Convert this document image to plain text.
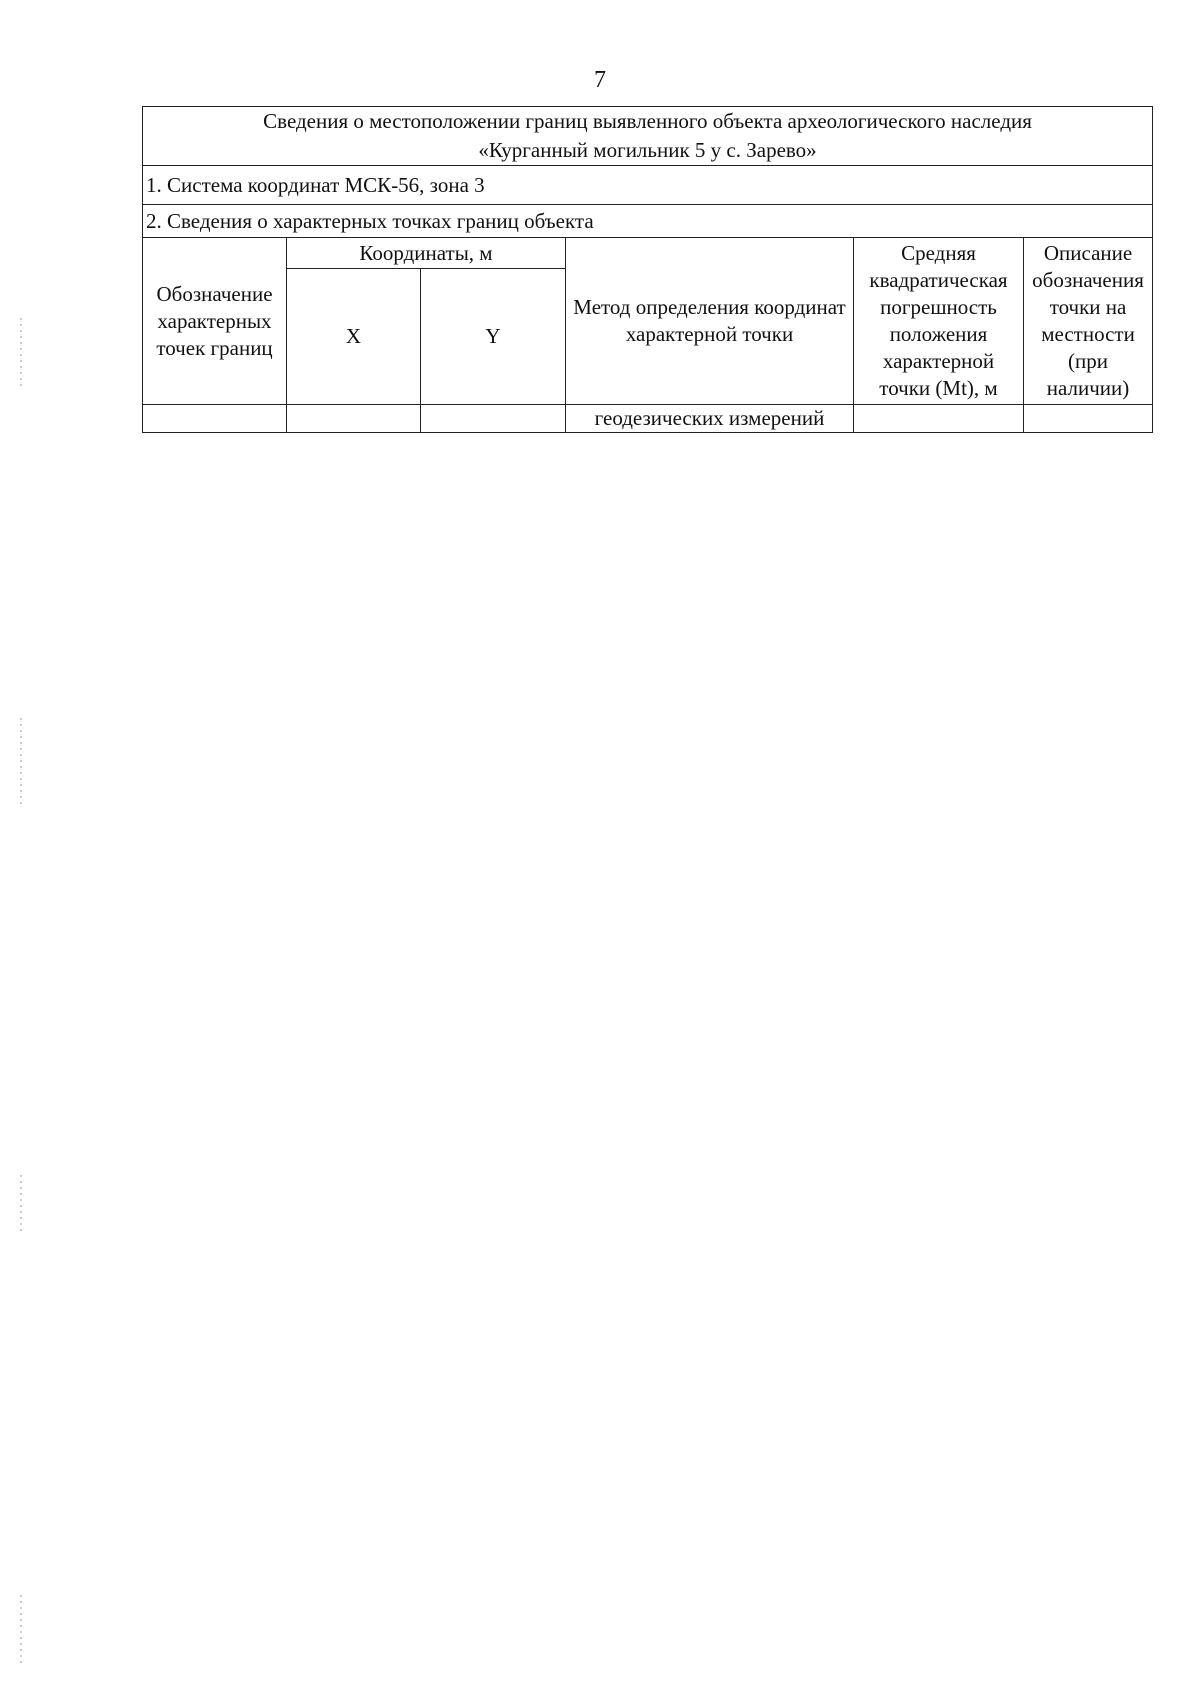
7
Сведения о местоположении границ выявленного объекта археологического наследия
«Курганный могильник 5 у с. Зарево»					

1. Система координат МСК-56, зона 3					
2. Сведения о характерных точках границ объекта					
Обозначение характерных точек границ	Координаты, м		Метод определения координат характерной точки	Средняя квадратическая погрешность положения характерной точки (Mt), м	Описание обозначения точки на местности (при наличии)
	X	Y			
			геодезических измерений		
